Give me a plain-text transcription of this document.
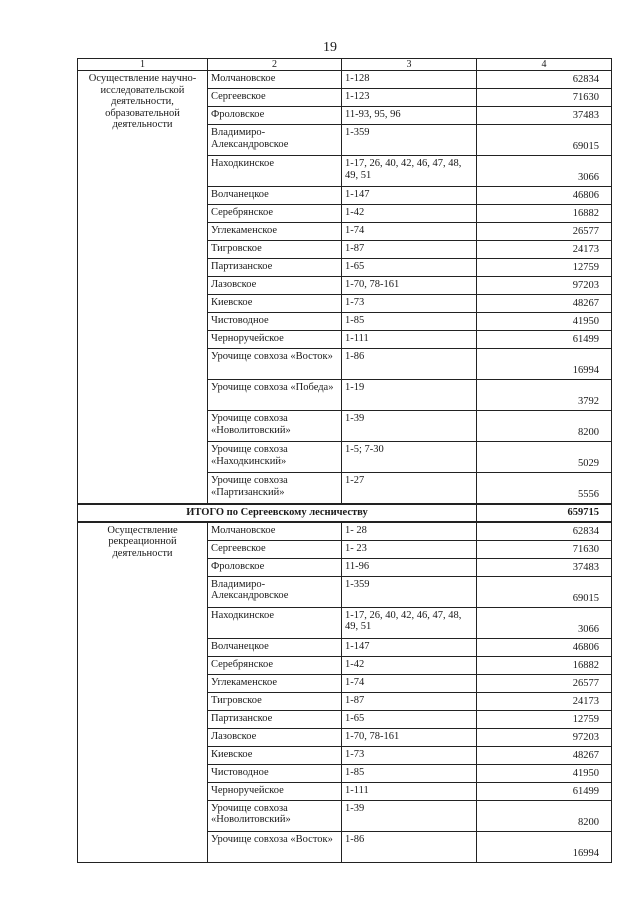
19
1	2	3	4
Осуществление научно-исследовательской деятельности, образовательной деятельности	Молчановское	1-128	62834
	Сергеевское	1-123	71630
	Фроловское	11-93, 95, 96	37483
	Владимиро-Александровское	1-359	69015
	Находкинское	1-17, 26, 40, 42, 46, 47, 48, 49, 51	3066
	Волчанецкое	1-147	46806
	Серебрянское	1-42	16882
	Углекаменское	1-74	26577
	Тигровское	1-87	24173
	Партизанское	1-65	12759
	Лазовское	1-70, 78-161	97203
	Киевское	1-73	48267
	Чистоводное	1-85	41950
	Черноручейское	1-111	61499
	Урочище совхоза «Восток»	1-86	16994
	Урочище совхоза «Победа»	1-19	3792
	Урочище совхоза «Новолитовский»	1-39	8200
	Урочище совхоза «Находкинский»	1-5; 7-30	5029
	Урочище совхоза «Партизанский»	1-27	5556
ИТОГО по Сергеевскому лесничеству			659715
Осуществление рекреационной деятельности	Молчановское	1- 28	62834
	Сергеевское	1- 23	71630
	Фроловское	11-96	37483
	Владимиро-Александровское	1-359	69015
	Находкинское	1-17, 26, 40, 42, 46, 47, 48, 49, 51	3066
	Волчанецкое	1-147	46806
	Серебрянское	1-42	16882
	Углекаменское	1-74	26577
	Тигровское	1-87	24173
	Партизанское	1-65	12759
	Лазовское	1-70, 78-161	97203
	Киевское	1-73	48267
	Чистоводное	1-85	41950
	Черноручейское	1-111	61499
	Урочище совхоза «Новолитовский»	1-39	8200
	Урочище совхоза «Восток»	1-86	16994
